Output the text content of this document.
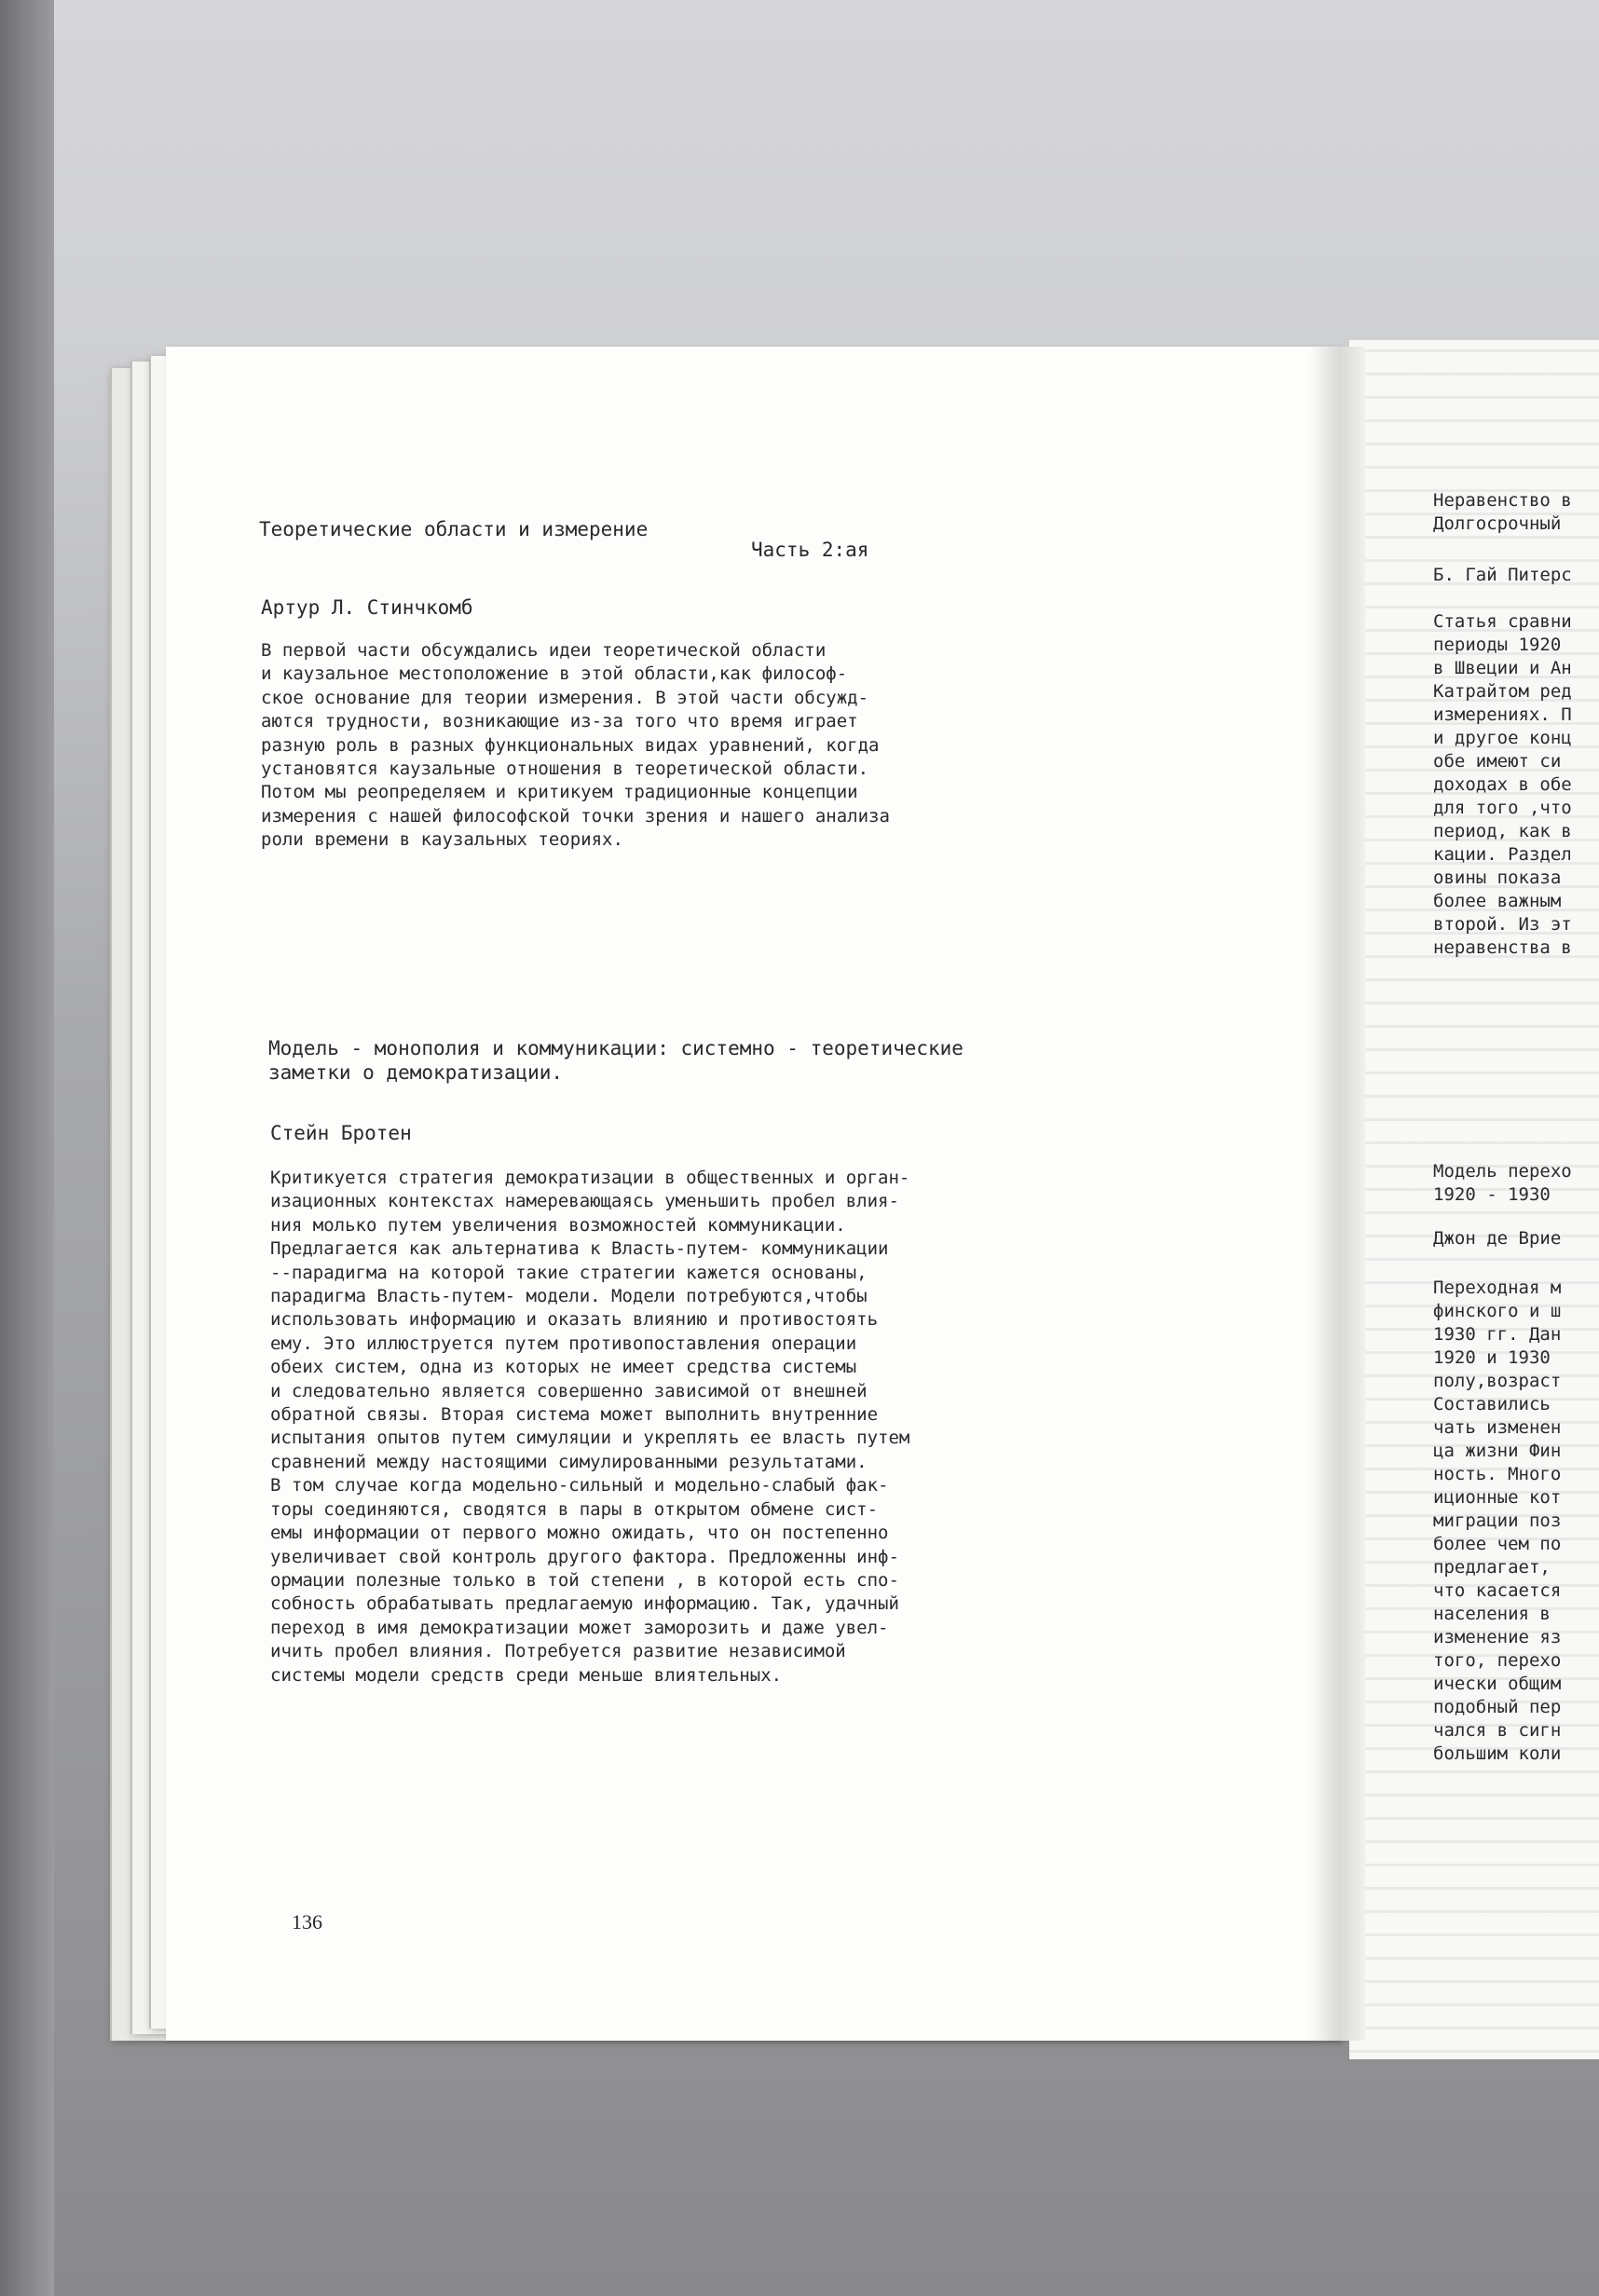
Неравенство в
Долгосрочный
Б. Гай Питерс
Статья сравни
периоды 1920
в Швеции и Ан
Катрайтом ред
измерениях. П
и другое конц
обе имеют си
доходах в обе
для того ,что
период, как в
кации. Раздел
овины показа
более важным
второй. Из эт
неравенства в
Модель перехо
1920 - 1930
Джон де Врие
Переходная м
финского и ш
1930 гг. Дан
1920 и 1930
полу,возраст
Составились
чать изменен
ца жизни Фин
ность. Много
иционные кот
миграции поз
более чем по
предлагает,
что касается
населения в
изменение яз
того, перехо
ически общим
подобный пер
чался в сигн
большим коли
Теоретические области и измерение
Часть 2:ая
Артур Л. Стинчкомб
В первой части обсуждались идеи теоретической области
и каузальное местоположение в этой области,как философ-
ское основание для теории измерения. В этой части обсужд-
аются трудности, возникающие из-за того что время играет
разную роль в разных функциональных видах уравнений, когда
установятся каузальные отношения в теоретической области.
Потом мы реопределяем и критикуем традиционные концепции
измерения с нашей философской точки зрения и нашего анализа
роли времени в каузальных теориях.
Модель - монополия и коммуникации: системно - теоретические
заметки о демократизации.
Стейн Бротен
Критикуется стратегия демократизации в общественных и орган-
изационных контекстах намеревающаясь уменьшить пробел влия-
ния молько путем увеличения возможностей коммуникации.
Предлагается как альтернатива к Власть-путем- коммуникации
--парадигма на которой такие стратегии кажется основаны,
парадигма Власть-путем- модели. Модели потребуются,чтобы
использовать информацию и оказать влиянию и противостоять
ему. Это иллюструется путем противопоставления операции
обеих систем, одна из которых не имеет средства системы
и следовательно является совершенно зависимой от внешней
обратной связы. Вторая система может выполнить внутренние
испытания опытов путем симуляции и укреплять ее власть путем
сравнений между настоящими симулированными результатами.
В том случае когда модельно-сильный и модельно-слабый фак-
торы соединяются, сводятся в пары в открытом обмене сист-
емы информации от первого можно ожидать, что он постепенно
увеличивает свой контроль другого фактора. Предложенны инф-
ормации полезные только в той степени , в которой есть спо-
собность обрабатывать предлагаемую информацию. Так, удачный
переход в имя демократизации может заморозить и даже увел-
ичить пробел влияния. Потребуется развитие независимой
системы модели средств среди меньше влиятельных.
136
